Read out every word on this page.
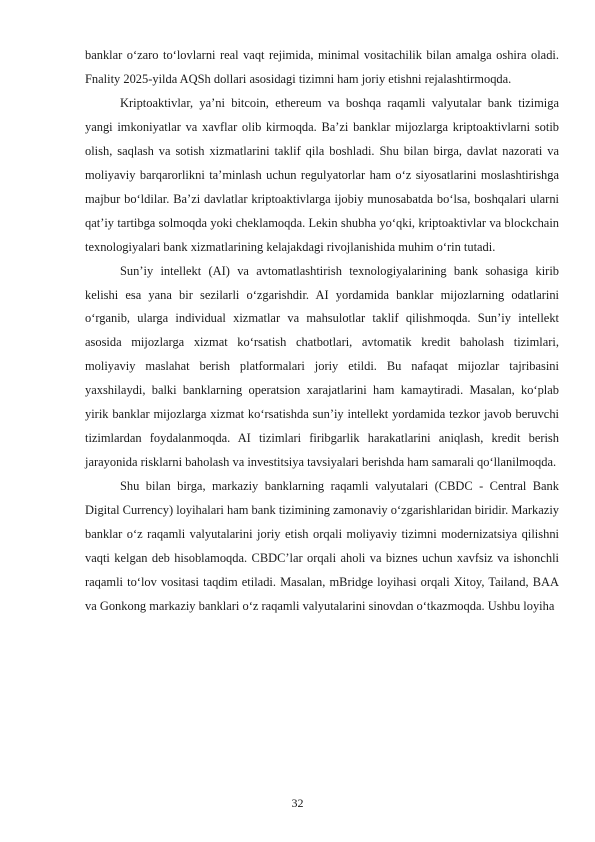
banklar o‘zaro to‘lovlarni real vaqt rejimida, minimal vositachilik bilan amalga oshira oladi. Fnality 2025-yilda AQSh dollari asosidagi tizimni ham joriy etishni rejalashtirmoqda.

Kriptoaktivlar, ya’ni bitcoin, ethereum va boshqa raqamli valyutalar bank tizimiga yangi imkoniyatlar va xavflar olib kirmoqda. Ba’zi banklar mijozlarga kriptoaktivlarni sotib olish, saqlash va sotish xizmatlarini taklif qila boshladi. Shu bilan birga, davlat nazorati va moliyaviy barqarorlikni ta’minlash uchun regulyatorlar ham o‘z siyosatlarini moslashtirishga majbur bo‘ldilar. Ba’zi davlatlar kriptoaktivlarga ijobiy munosabatda bo‘lsa, boshqalari ularni qat’iy tartibga solmoqda yoki cheklamoqda. Lekin shubha yo‘qki, kriptoaktivlar va blockchain texnologiyalari bank xizmatlarining kelajakdagi rivojlanishida muhim o‘rin tutadi.

Sun’iy intellekt (AI) va avtomatlashtirish texnologiyalarining bank sohasiga kirib kelishi esa yana bir sezilarli o‘zgarishdir. AI yordamida banklar mijozlarning odatlarini o‘rganib, ularga individual xizmatlar va mahsulotlar taklif qilishmoqda. Sun’iy intellekt asosida mijozlarga xizmat ko‘rsatish chatbotlari, avtomatik kredit baholash tizimlari, moliyaviy maslahat berish platformalari joriy etildi. Bu nafaqat mijozlar tajribasini yaxshilaydi, balki banklarning operatsion xarajatlarini ham kamaytiradi. Masalan, ko‘plab yirik banklar mijozlarga xizmat ko‘rsatishda sun’iy intellekt yordamida tezkor javob beruvchi tizimlardan foydalanmoqda. AI tizimlari firibgarlik harakatlarini aniqlash, kredit berish jarayonida risklarni baholash va investitsiya tavsiyalari berishda ham samarali qo‘llanilmoqda.

Shu bilan birga, markaziy banklarning raqamli valyutalari (CBDC - Central Bank Digital Currency) loyihalari ham bank tizimining zamonaviy o‘zgarishlaridan biridir. Markaziy banklar o‘z raqamli valyutalarini joriy etish orqali moliyaviy tizimni modernizatsiya qilishni vaqti kelgan deb hisoblamoqda. CBDC’lar orqali aholi va biznes uchun xavfsiz va ishonchli raqamli to‘lov vositasi taqdim etiladi. Masalan, mBridge loyihasi orqali Xitoy, Tailand, BAA va Gonkong markaziy banklari o‘z raqamli valyutalarini sinovdan o‘tkazmoqda. Ushbu loyiha

32
